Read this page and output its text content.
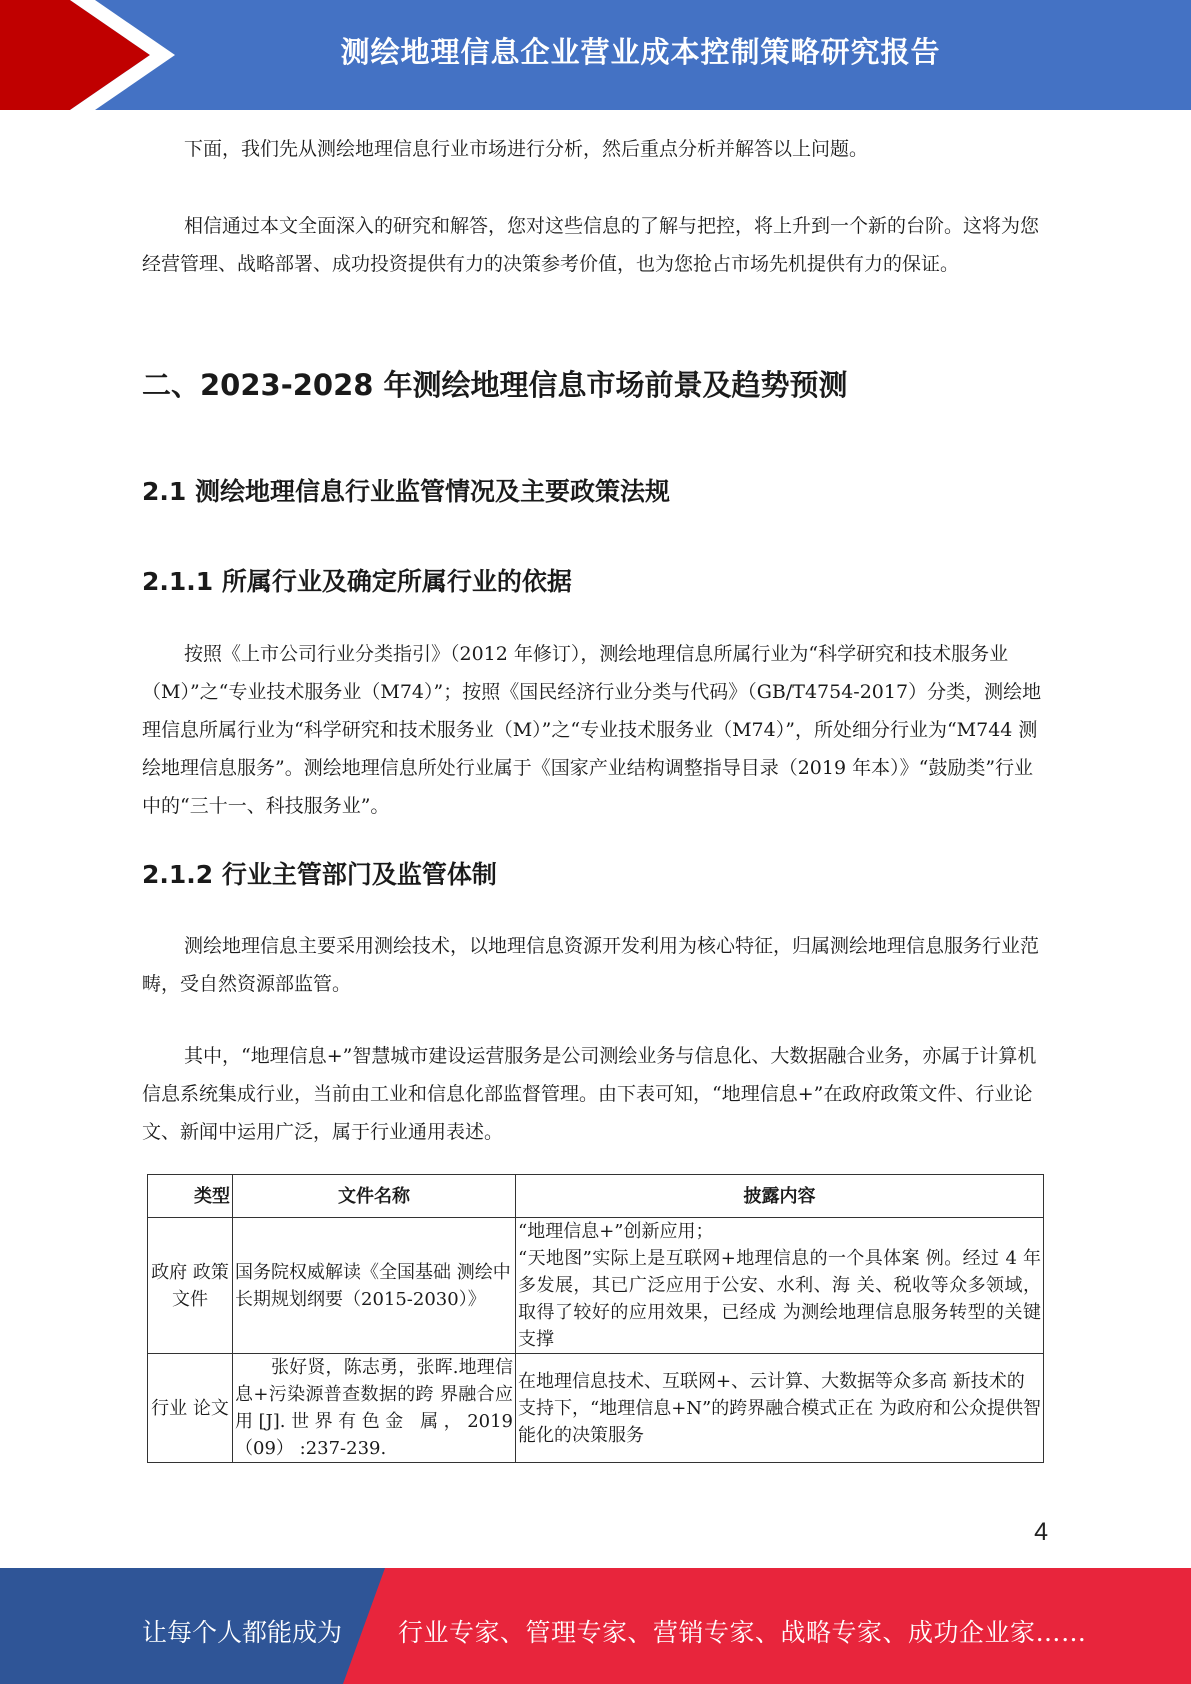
测绘地理信息企业营业成本控制策略研究报告

下面，我们先从测绘地理信息行业市场进行分析，然后重点分析并解答以上问题。

相信通过本文全面深入的研究和解答，您对这些信息的了解与把控，将上升到一个新的台阶。这将为您经营管理、战略部署、成功投资提供有力的决策参考价值，也为您抢占市场先机提供有力的保证。

二、2023-2028 年测绘地理信息市场前景及趋势预测
2.1 测绘地理信息行业监管情况及主要政策法规
2.1.1 所属行业及确定所属行业的依据

按照《上市公司行业分类指引》（2012 年修订），测绘地理信息所属行业为“科学研究和技术服务业（M）”之“专业技术服务业（M74）”；按照《国民经济行业分类与代码》（GB/T4754-2017）分类，测绘地理信息所属行业为“科学研究和技术服务业（M）”之“专业技术服务业（M74）”，所处细分行业为“M744 测绘地理信息服务”。测绘地理信息所处行业属于《国家产业结构调整指导目录（2019 年本）》“鼓励类”行业中的“三十一、科技服务业”。

2.1.2 行业主管部门及监管体制

测绘地理信息主要采用测绘技术，以地理信息资源开发利用为核心特征，归属测绘地理信息服务行业范畴，受自然资源部监管。

其中，“地理信息+”智慧城市建设运营服务是公司测绘业务与信息化、大数据融合业务，亦属于计算机信息系统集成行业，当前由工业和信息化部监督管理。由下表可知，“地理信息+”在政府政策文件、行业论文、新闻中运用广泛，属于行业通用表述。

类型	文件名称	披露内容
政府 政策 文件	国务院权威解读《全国基础 测绘中长期规划纲要（2015-2030）》	“地理信息+”创新应用；
“天地图”实际上是互联网+地理信息的一个具体案 例。经过 4 年多发展，其已广泛应用于公安、水利、海 关、税收等众多领域，取得了较好的应用效果，已经成 为测绘地理信息服务转型的关键支撑

行业 论文	张好贤，陈志勇，张晖.地理信息+污染源普查数据的跨 界融合应用[J].世界有色金 属，2019（09） :237-239.	在地理信息技术、互联网+、云计算、大数据等众多高 新技术的支持下，“地理信息+N”的跨界融合模式正在 为政府和公众提供智能化的决策服务
4
让每个人都能成为 行业专家、管理专家、营销专家、战略专家、成功企业家……
